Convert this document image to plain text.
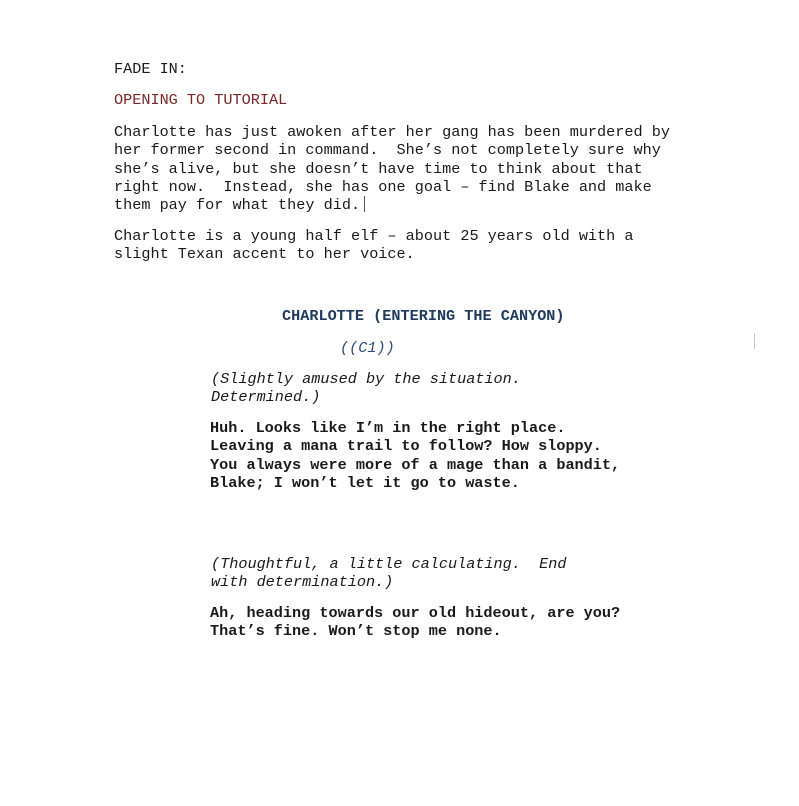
FADE IN:

OPENING TO TUTORIAL

Charlotte has just awoken after her gang has been murdered by her former second in command.  She’s not completely sure why she’s alive, but she doesn’t have time to think about that right now.  Instead, she has one goal – find Blake and make them pay for what they did.

Charlotte is a young half elf – about 25 years old with a slight Texan accent to her voice.

CHARLOTTE (ENTERING THE CANYON)

((C1))

(Slightly amused by the situation.  Determined.)

Huh. Looks like I’m in the right place. Leaving a mana trail to follow? How sloppy. You always were more of a mage than a bandit, Blake; I won’t let it go to waste.

(Thoughtful, a little calculating.  End with determination.)

Ah, heading towards our old hideout, are you? That’s fine. Won’t stop me none.
